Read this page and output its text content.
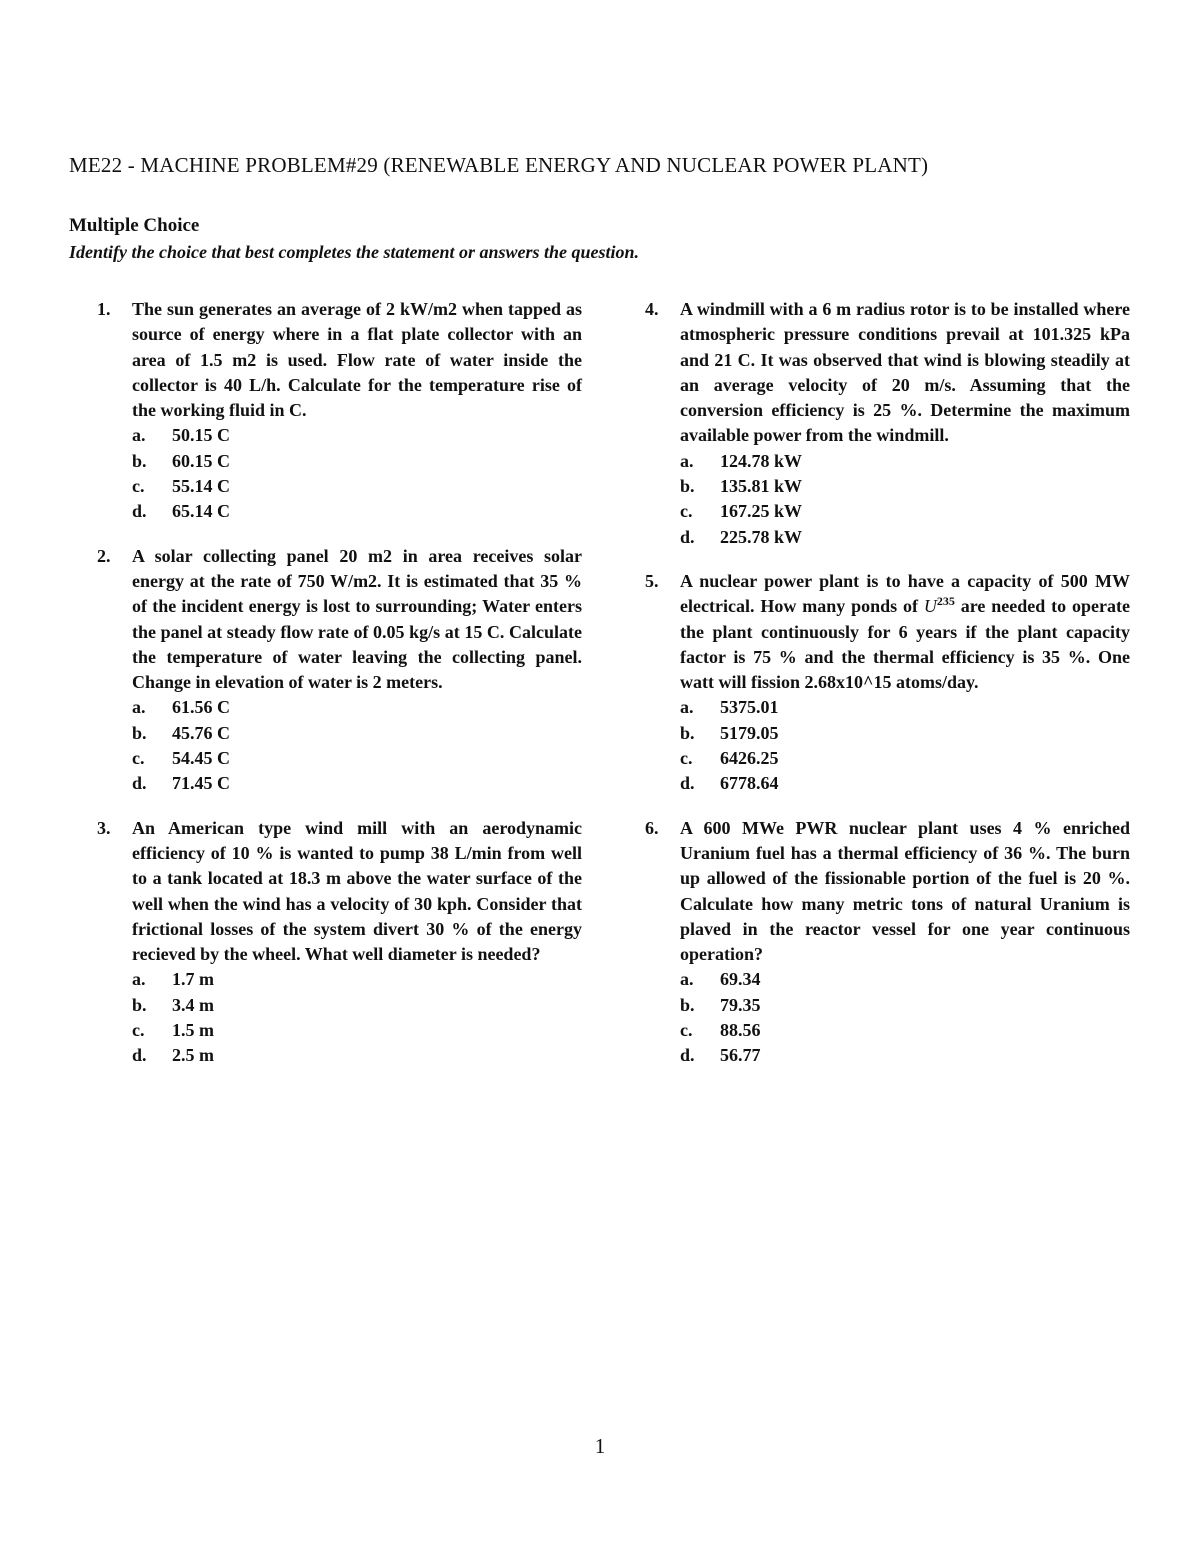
ME22 - MACHINE PROBLEM#29 (RENEWABLE ENERGY AND NUCLEAR POWER PLANT)
Multiple Choice
Identify the choice that best completes the statement or answers the question.
1.	The sun generates an average of 2 kW/m2 when tapped as source of energy where in a flat plate collector with an area of 1.5 m2 is used. Flow rate of water inside the collector is 40 L/h. Calculate for the temperature rise of the working fluid in C.
a.	50.15 C
b.	60.15 C
c.	55.14 C
d.	65.14 C
2.	A solar collecting panel 20 m2 in area receives solar energy at the rate of 750 W/m2. It is estimated that 35 % of the incident energy is lost to surrounding; Water enters the panel at steady flow rate of 0.05 kg/s at 15 C. Calculate the temperature of water leaving the collecting panel. Change in elevation of water is 2 meters.
a.	61.56 C
b.	45.76 C
c.	54.45 C
d.	71.45 C
3.	An American type wind mill with an aerodynamic efficiency of 10 % is wanted to pump 38 L/min from well to a tank located at 18.3 m above the water surface of the well when the wind has a velocity of 30 kph. Consider that frictional losses of the system divert 30 % of the energy recieved by the wheel. What well diameter is needed?
a.	1.7 m
b.	3.4 m
c.	1.5 m
d.	2.5 m
4.	A windmill with a 6 m radius rotor is to be installed where atmospheric pressure conditions prevail at 101.325 kPa and 21 C. It was observed that wind is blowing steadily at an average velocity of 20 m/s. Assuming that the conversion efficiency is 25 %. Determine the maximum available power from the windmill.
a.	124.78 kW
b.	135.81 kW
c.	167.25 kW
d.	225.78 kW
5.	A nuclear power plant is to have a capacity of 500 MW electrical. How many ponds of $U^{235}$ are needed to operate the plant continuously for 6 years if the plant capacity factor is 75 % and the thermal efficiency is 35 %. One watt will fission 2.68x10^15 atoms/day.
a.	5375.01
b.	5179.05
c.	6426.25
d.	6778.64
6.	A 600 MWe PWR nuclear plant uses 4 % enriched Uranium fuel has a thermal efficiency of 36 %. The burn up allowed of the fissionable portion of the fuel is 20 %. Calculate how many metric tons of natural Uranium is plaved in the reactor vessel for one year continuous operation?
a.	69.34
b.	79.35
c.	88.56
d.	56.77
1
